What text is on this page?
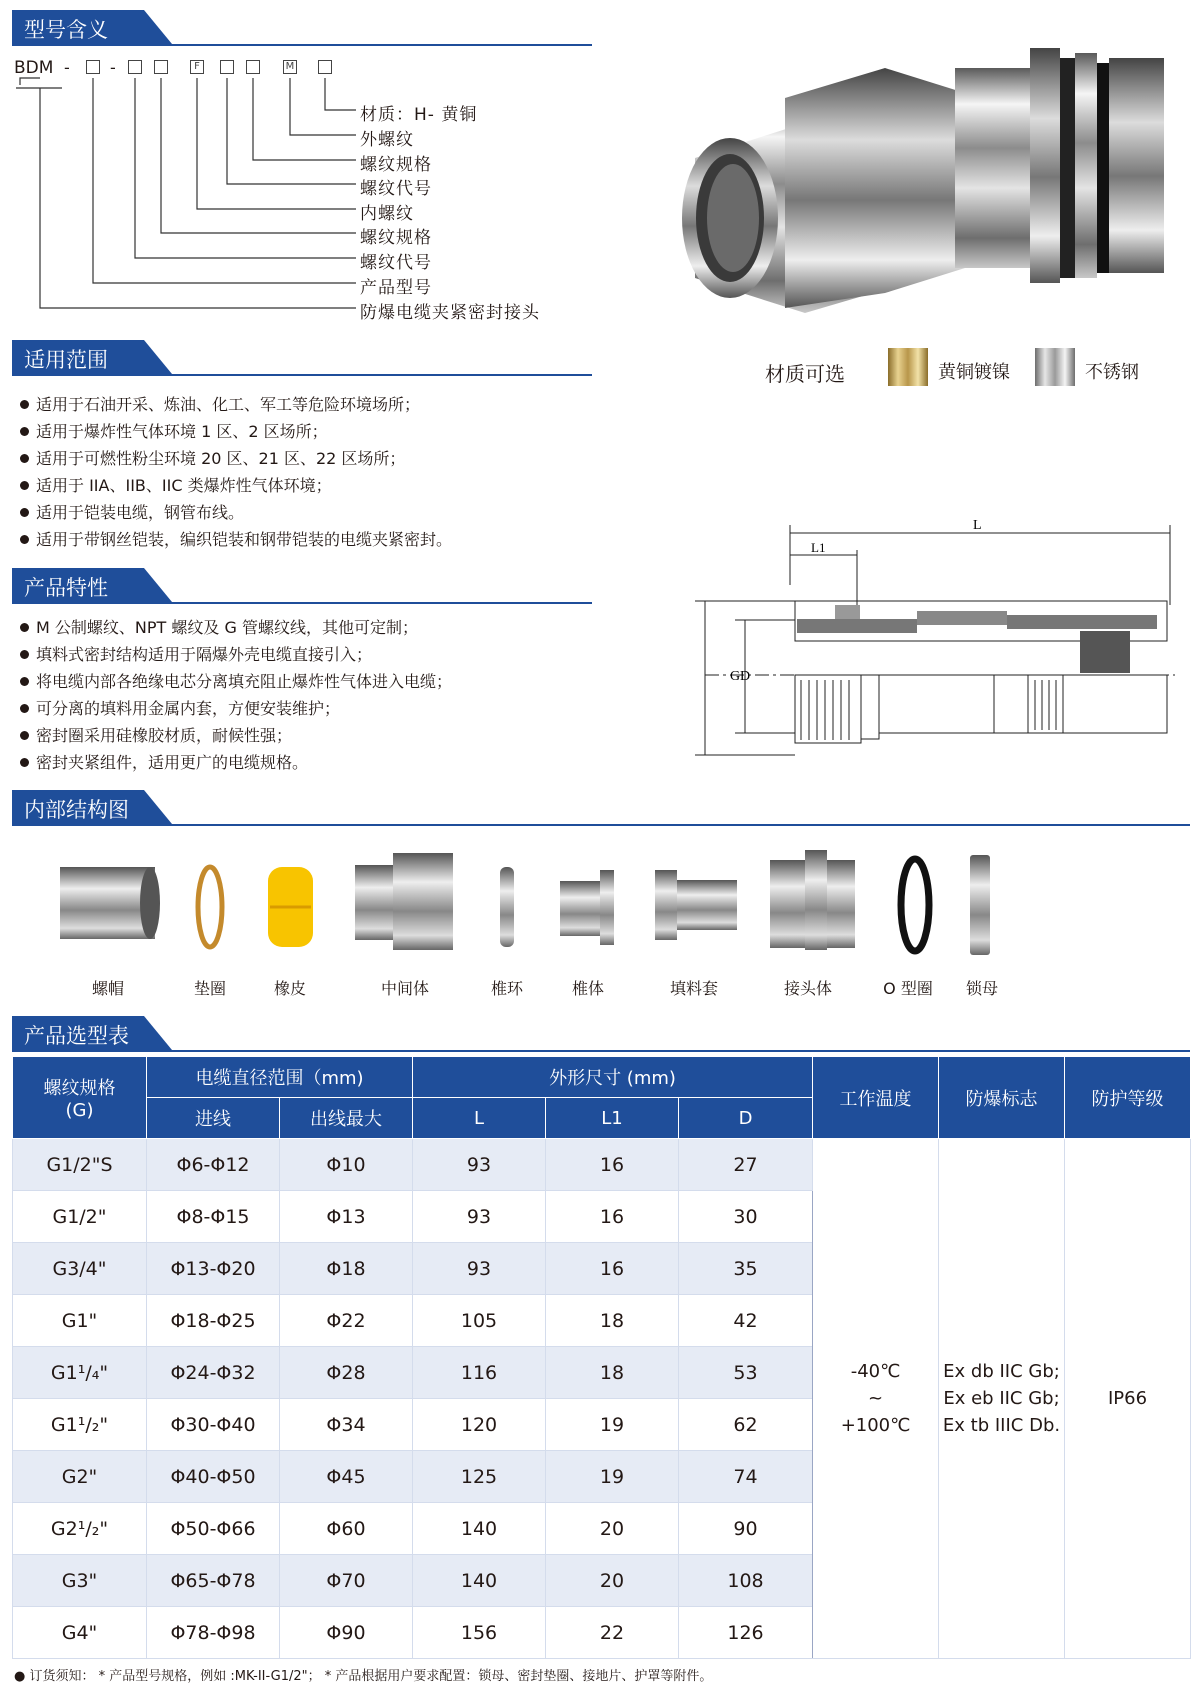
型号含义
BDM -	-	F	M
材质：H- 黄铜
外螺纹
螺纹规格
螺纹代号
内螺纹
螺纹规格
螺纹代号
产品型号
防爆电缆夹紧密封接头
材质可选	黄铜镀镍	不锈钢
适用范围
适用于石油开采、炼油、化工、军工等危险环境场所；
适用于爆炸性气体环境 1 区、2 区场所；
适用于可燃性粉尘环境 20 区、21 区、22 区场所；
适用于 IIA、IIB、IIC 类爆炸性气体环境；
适用于铠装电缆，钢管布线。
适用于带钢丝铠装，编织铠装和钢带铠装的电缆夹紧密封。
产品特性
M 公制螺纹、NPT 螺纹及 G 管螺纹线，其他可定制；
填料式密封结构适用于隔爆外壳电缆直接引入；
将电缆内部各绝缘电芯分离填充阻止爆炸性气体进入电缆；
可分离的填料用金属内套，方便安装维护；
密封圈采用硅橡胶材质，耐候性强；
密封夹紧组件，适用更广的电缆规格。
D
G
L
L1
内部结构图
螺帽	垫圈	橡皮	中间体	椎环	椎体	填料套	接头体	O 型圈 锁母
产品选型表
螺纹规格
(G)	电缆直径范围（mm)		外形尺寸 (mm)			工作温度	防爆标志	防护等级
	进线	出线最大	L	L1	D			
G1/2"S	Φ6-Φ12	Φ10	93	16	27	-40℃
~
+100℃	Ex db IIC Gb;
Ex eb IIC Gb;
Ex tb IIIC Db.	IP66
G1/2"	Φ8-Φ15	Φ13	93	16	30			
G3/4"	Φ13-Φ20	Φ18	93	16	35			
G1"	Φ18-Φ25	Φ22	105	18	42			
G1¹/₄"	Φ24-Φ32	Φ28	116	18	53			
G1¹/₂"	Φ30-Φ40	Φ34	120	19	62			
G2"	Φ40-Φ50	Φ45	125	19	74			
G2¹/₂"	Φ50-Φ66	Φ60	140	20	90			
G3"	Φ65-Φ78	Φ70	140	20	108			
G4"	Φ78-Φ98	Φ90	156	22	126			
● 订货须知： * 产品型号规格，例如 :MK-II-G1/2"； * 产品根据用户要求配置：锁母、密封垫圈、接地片、护罩等附件。
